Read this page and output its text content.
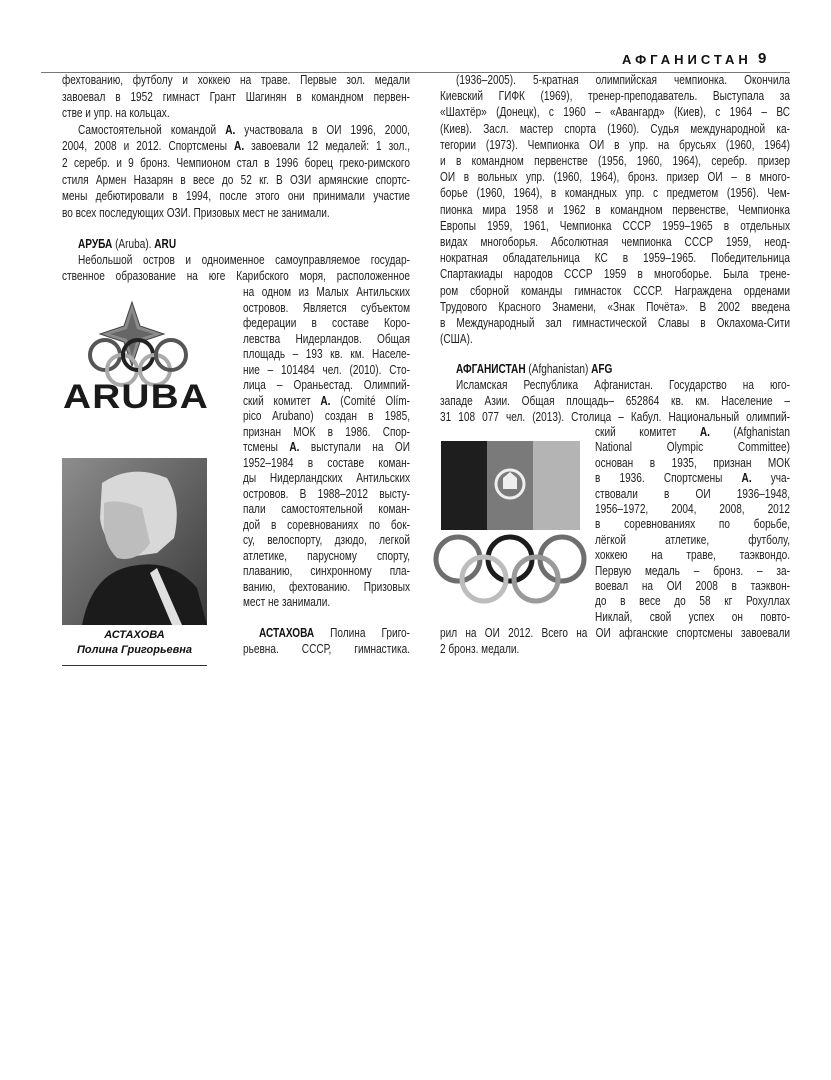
АФГАНИСТАН 9
фехтованию, футболу и хоккею на траве. Первые зол. медали
завоевал в 1952 гимнаст Грант Шагинян в командном первен-
стве и упр. на кольцах.
Самостоятельной командой А. участвовала в ОИ 1996, 2000,
2004, 2008 и 2012. Спортсмены А. завоевали 12 медалей: 1 зол.,
2 серебр. и 9 бронз. Чемпионом стал в 1996 борец греко-римского
стиля Армен Назарян в весе до 52 кг. В ОЗИ армянские спортс-
мены дебютировали в 1994, после этого они принимали участие
во всех последующих ОЗИ. Призовых мест не занимали.
АРУБА (Aruba). ARU
Небольшой остров и одноименное самоуправляемое государ-
ственное образование на юге Карибского моря, расположенное
на одном из Малых Антильских
островов. Является субъектом
федерации в составе Коро-
левства Нидерландов. Общая
площадь – 193 кв. км. Населе-
ние – 101484 чел. (2010). Сто-
лица – Ораньестад. Олимпий-
ский комитет А. (Comité Olím-
pico Arubano) создан в 1985,
признан МОК в 1986. Спор-
тсмены А. выступали на ОИ
1952–1984 в составе коман-
ды Нидерландских Антильских
островов. В 1988–2012 высту-
пали самостоятельной коман-
дой в соревнованиях по бок-
су, велоспорту, дзюдо, легкой
атлетике, парусному спорту,
плаванию, синхронному пла-
ванию, фехтованию. Призовых
мест не занимали.
АСТАХОВА Полина Григо-
рьевна. СССР, гимнастика.
(1936–2005). 5-кратная олимпийская чемпионка. Окончила
Киевский ГИФК (1969), тренер-преподаватель. Выступала за
«Шахтёр» (Донецк), с 1960 – «Авангард» (Киев), с 1964 – ВС
(Киев). Засл. мастер спорта (1960). Судья международной ка-
тегории (1973). Чемпионка ОИ в упр. на брусьях (1960, 1964)
и в командном первенстве (1956, 1960, 1964), серебр. призер
ОИ в вольных упр. (1960, 1964), бронз. призер ОИ – в много-
борье (1960, 1964), в командных упр. с предметом (1956). Чем-
пионка мира 1958 и 1962 в командном первенстве, Чемпионка
Европы 1959, 1961, Чемпионка СССР 1959–1965 в отдельных
видах многоборья. Абсолютная чемпионка СССР 1959, неод-
нократная обладательница КС в 1959–1965. Победительница
Спартакиады народов СССР 1959 в многоборье. Была трене-
ром сборной команды гимнасток СССР. Награждена орденами
Трудового Красного Знамени, «Знак Почёта». В 2002 введена
в Международный зал гимнастической Славы в Оклахома-Сити
(США).
АФГАНИСТАН (Afghanistan) AFG
Исламская Республика Афганистан. Государство на юго-
западе Азии. Общая площадь– 652864 кв. км. Население –
31 108 077 чел. (2013). Столица – Кабул. Национальный олимпий-
ский комитет А. (Afghanistan
National Olympic Committee)
основан в 1935, признан МОК
в 1936. Спортсмены А. уча-
ствовали в ОИ 1936–1948,
1956–1972, 2004, 2008, 2012
в соревнованиях по борьбе,
лёгкой атлетике, футболу,
хоккею на траве, таэквондо.
Первую медаль – бронз. – за-
воевал на ОИ 2008 в таэквон-
до в весе до 58 кг Рохуллах
Никлай, свой успех он повто-
рил на ОИ 2012. Всего на ОИ афганские спортсмены завоевали
2 бронз. медали.
ARUBA
АСТАХОВА
Полина Григорьевна
